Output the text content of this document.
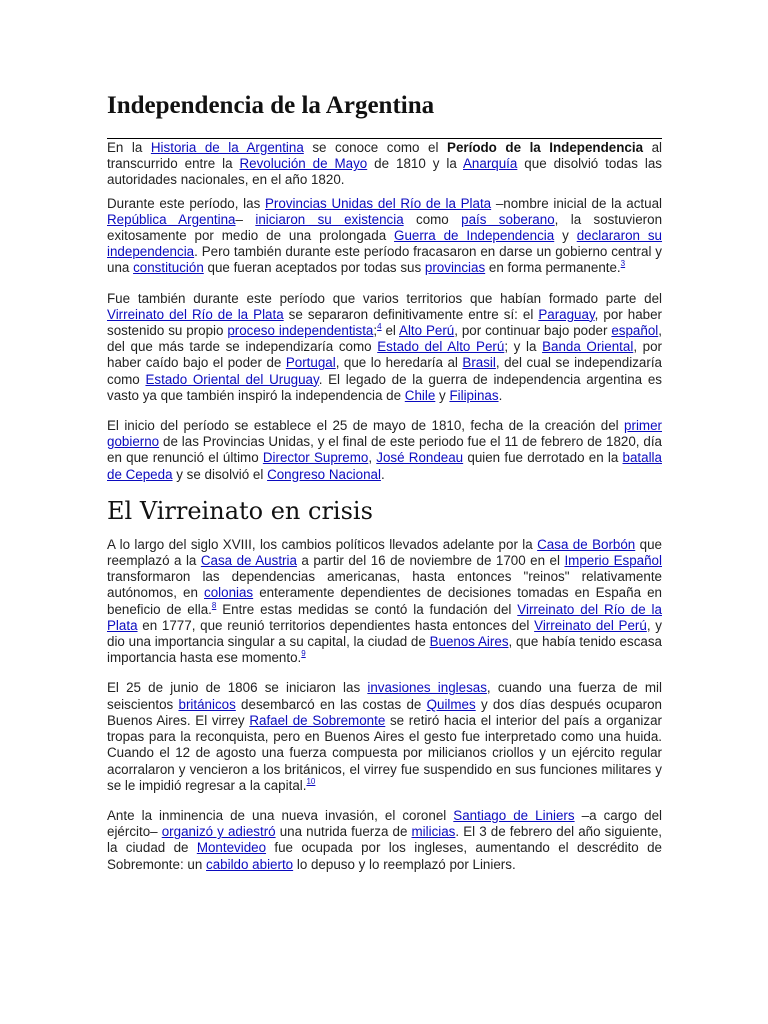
Independencia de la Argentina

En la Historia de la Argentina se conoce como el Período de la Independencia al transcurrido entre la Revolución de Mayo de 1810 y la Anarquía que disolvió todas las autoridades nacionales, en el año 1820.

Durante este período, las Provincias Unidas del Río de la Plata –nombre inicial de la actual República Argentina– iniciaron su existencia como país soberano, la sostuvieron exitosamente por medio de una prolongada Guerra de Independencia y declararon su independencia. Pero también durante este período fracasaron en darse un gobierno central y una constitución que fueran aceptados por todas sus provincias en forma permanente.$^3$

Fue también durante este período que varios territorios que habían formado parte del Virreinato del Río de la Plata se separaron definitivamente entre sí: el Paraguay, por haber sostenido su propio proceso independentista;$^4$ el Alto Perú, por continuar bajo poder español, del que más tarde se independizaría como Estado del Alto Perú; y la Banda Oriental, por haber caído bajo el poder de Portugal, que lo heredaría al Brasil, del cual se independizaría como Estado Oriental del Uruguay. El legado de la guerra de independencia argentina es vasto ya que también inspiró la independencia de Chile y Filipinas.

El inicio del período se establece el 25 de mayo de 1810, fecha de la creación del primer gobierno de las Provincias Unidas, y el final de este periodo fue el 11 de febrero de 1820, día en que renunció el último Director Supremo, José Rondeau quien fue derrotado en la batalla de Cepeda y se disolvió el Congreso Nacional.

El Virreinato en crisis

A lo largo del siglo XVIII, los cambios políticos llevados adelante por la Casa de Borbón que reemplazó a la Casa de Austria a partir del 16 de noviembre de 1700 en el Imperio Español transformaron las dependencias americanas, hasta entonces "reinos" relativamente autónomos, en colonias enteramente dependientes de decisiones tomadas en España en beneficio de ella.$^8$ Entre estas medidas se contó la fundación del Virreinato del Río de la Plata en 1777, que reunió territorios dependientes hasta entonces del Virreinato del Perú, y dio una importancia singular a su capital, la ciudad de Buenos Aires, que había tenido escasa importancia hasta ese momento.$^9$

El 25 de junio de 1806 se iniciaron las invasiones inglesas, cuando una fuerza de mil seiscientos británicos desembarcó en las costas de Quilmes y dos días después ocuparon Buenos Aires. El virrey Rafael de Sobremonte se retiró hacia el interior del país a organizar tropas para la reconquista, pero en Buenos Aires el gesto fue interpretado como una huida. Cuando el 12 de agosto una fuerza compuesta por milicianos criollos y un ejército regular acorralaron y vencieron a los británicos, el virrey fue suspendido en sus funciones militares y se le impidió regresar a la capital.$^{10}$

Ante la inminencia de una nueva invasión, el coronel Santiago de Liniers –a cargo del ejército– organizó y adiestró una nutrida fuerza de milicias. El 3 de febrero del año siguiente, la ciudad de Montevideo fue ocupada por los ingleses, aumentando el descrédito de Sobremonte: un cabildo abierto lo depuso y lo reemplazó por Liniers.
